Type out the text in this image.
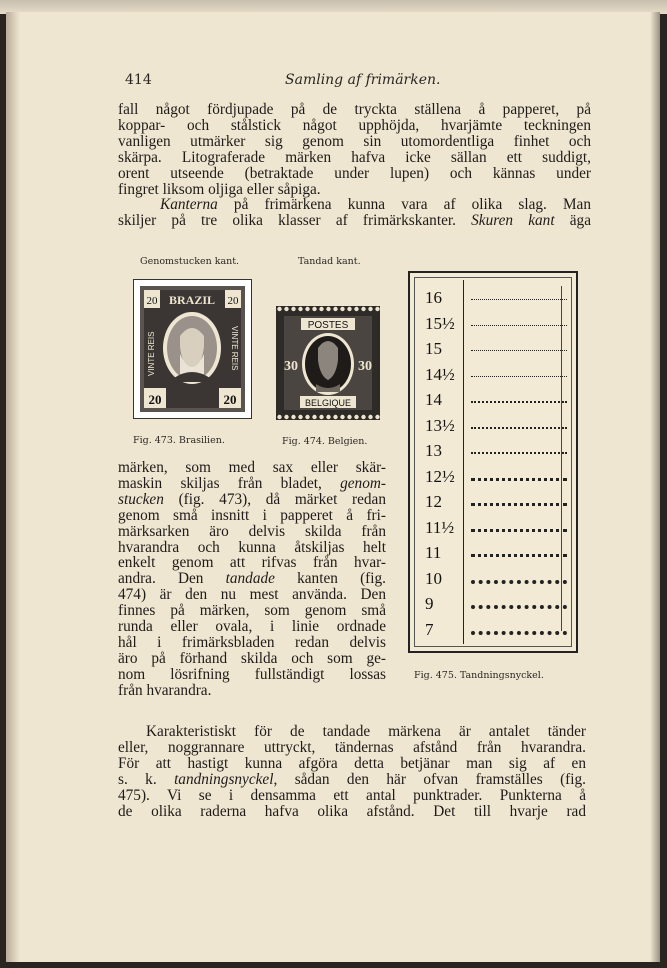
414	Samling af frimärken.
fall något fördjupade på de tryckta ställena å papperet, på
koppar- och stålstick något upphöjda, hvarjämte teckningen
vanligen utmärker sig genom sin utomordentliga finhet och
skärpa. Litograferade märken hafva icke sällan ett suddigt,
orent utseende (betraktade under lupen) och kännas under
fingret liksom oljiga eller såpiga.
Kanterna på frimärkena kunna vara af olika slag. Man
skiljer på tre olika klasser af frimärkskanter. Skuren kant äga
Genomstucken kant.	Tandad kant.
20	20
20	20
BRAZIL
VINTE REIS	VINTE REIS
Fig. 473. Brasilien.
POSTES
BELGIQUE
30	30
Fig. 474. Belgien.
16
15½
15
14½
14
13½
13
12½
12
11½
11
10
9
7
Fig. 475. Tandningsnyckel.
märken, som med sax eller skär-
maskin skiljas från bladet, genom-
stucken (fig. 473), då märket redan
genom små insnitt i papperet å fri-
märksarken äro delvis skilda från
hvarandra och kunna åtskiljas helt
enkelt genom att rifvas från hvar-
andra. Den tandade kanten (fig.
474) är den nu mest använda. Den
finnes på märken, som genom små
runda eller ovala, i linie ordnade
hål i frimärksbladen redan delvis
äro på förhand skilda och som ge-
nom lösrifning fullständigt lossas
från hvarandra.
Karakteristiskt för de tandade märkena är antalet tänder
eller, noggrannare uttryckt, tändernas afstånd från hvarandra.
För att hastigt kunna afgöra detta betjänar man sig af en
s. k. tandningsnyckel, sådan den här ofvan framställes (fig.
475). Vi se i densamma ett antal punktrader. Punkterna å
de olika raderna hafva olika afstånd. Det till hvarje rad
